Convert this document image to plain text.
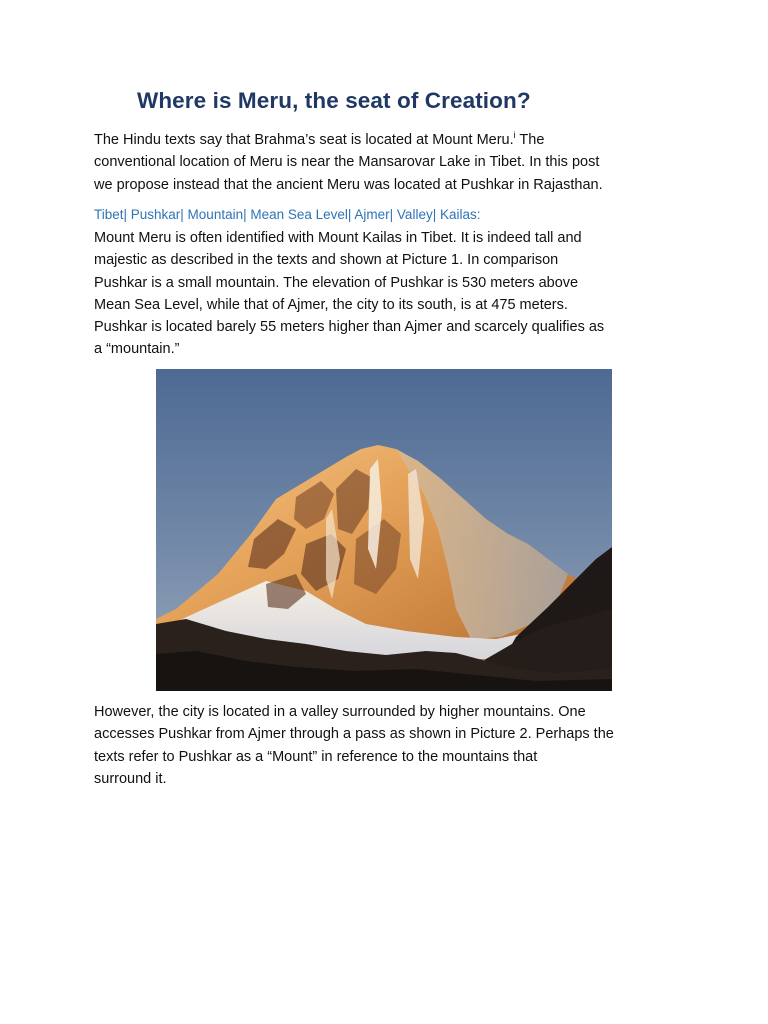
Where is Meru, the seat of Creation?

The Hindu texts say that Brahma’s seat is located at Mount Meru.$^i$ The
conventional location of Meru is near the Mansarovar Lake in Tibet. In this post
we propose instead that the ancient Meru was located at Pushkar in Rajasthan.

Tibet| Pushkar| Mountain| Mean Sea Level| Ajmer| Valley| Kailas:

Mount Meru is often identified with Mount Kailas in Tibet. It is indeed tall and
majestic as described in the texts and shown at Picture 1. In comparison
Pushkar is a small mountain. The elevation of Pushkar is 530 meters above
Mean Sea Level, while that of Ajmer, the city to its south, is at 475 meters.
Pushkar is located barely 55 meters higher than Ajmer and scarcely qualifies as
a “mountain.”

However, the city is located in a valley surrounded by higher mountains. One
accesses Pushkar from Ajmer through a pass as shown in Picture 2. Perhaps the
texts refer to Pushkar as a “Mount” in reference to the mountains that
surround it.
